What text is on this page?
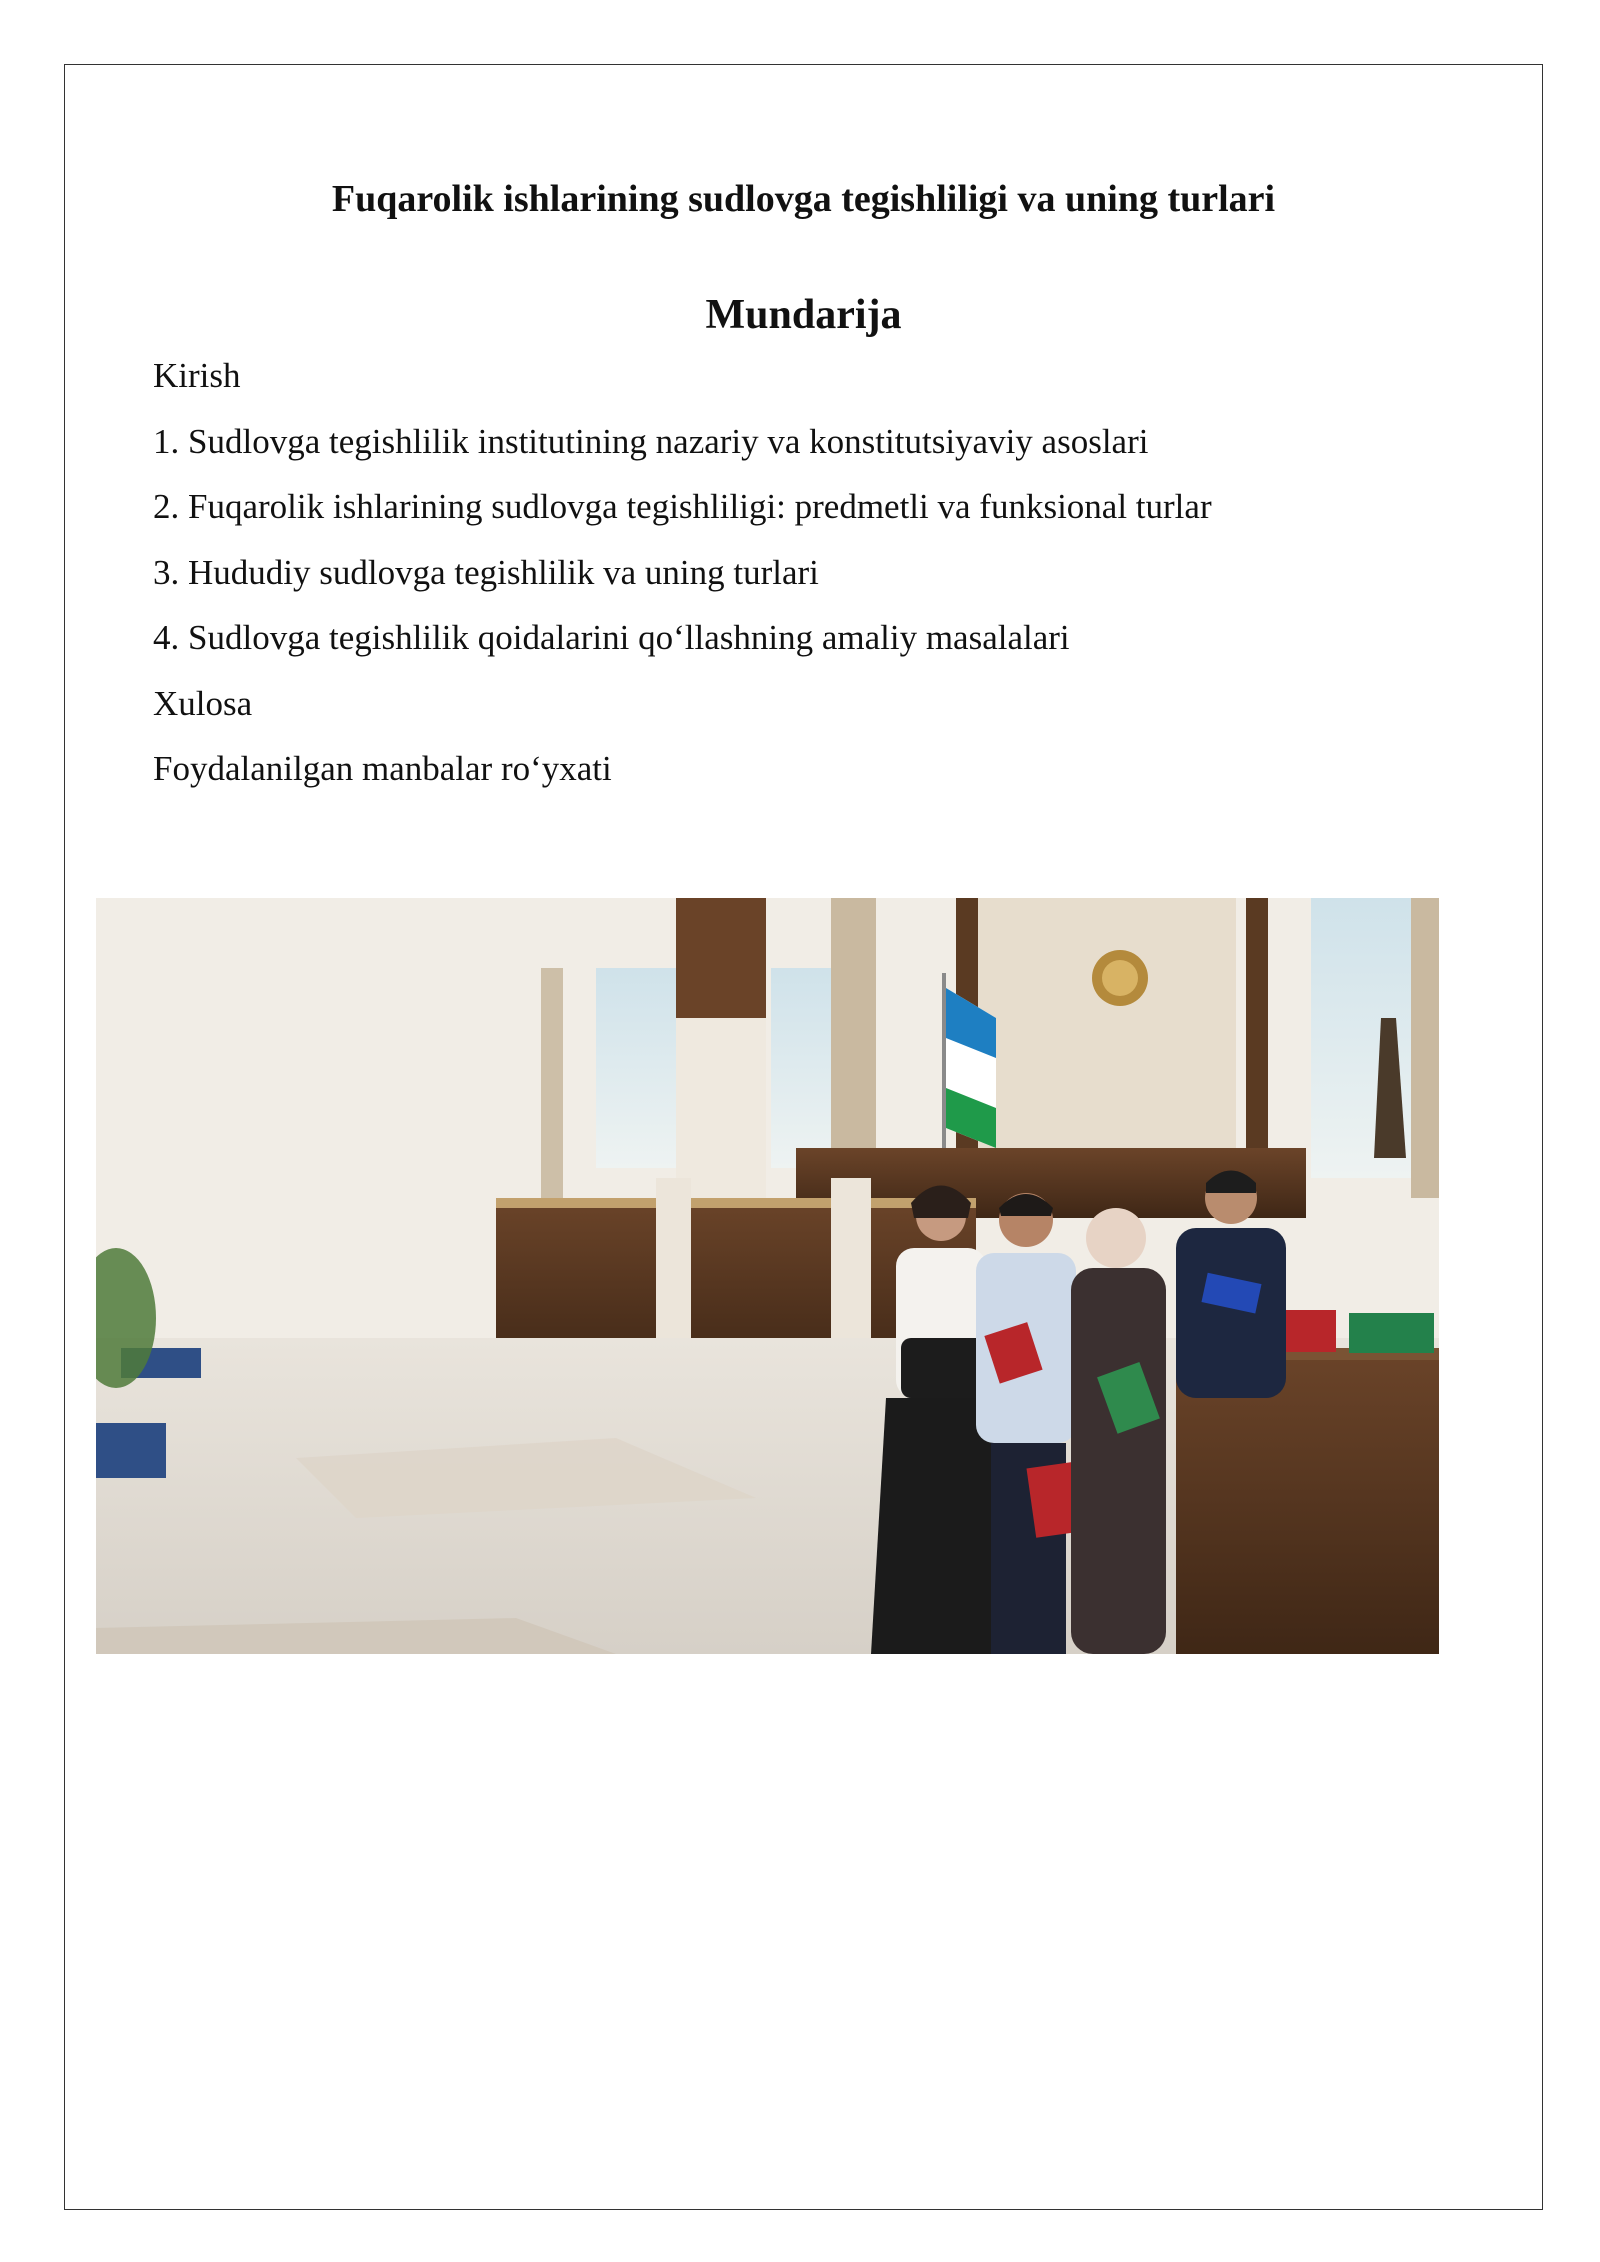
Fuqarolik ishlarining sudlovga tegishliligi va uning turlari
Mundarija
Kirish
1. Sudlovga tegishlilik institutining nazariy va konstitutsiyaviy asoslari
2. Fuqarolik ishlarining sudlovga tegishliligi: predmetli va funksional turlar
3. Hududiy sudlovga tegishlilik va uning turlari
4. Sudlovga tegishlilik qoidalarini qo‘llashning amaliy masalalari
Xulosa
Foydalanilgan manbalar ro‘yxati
